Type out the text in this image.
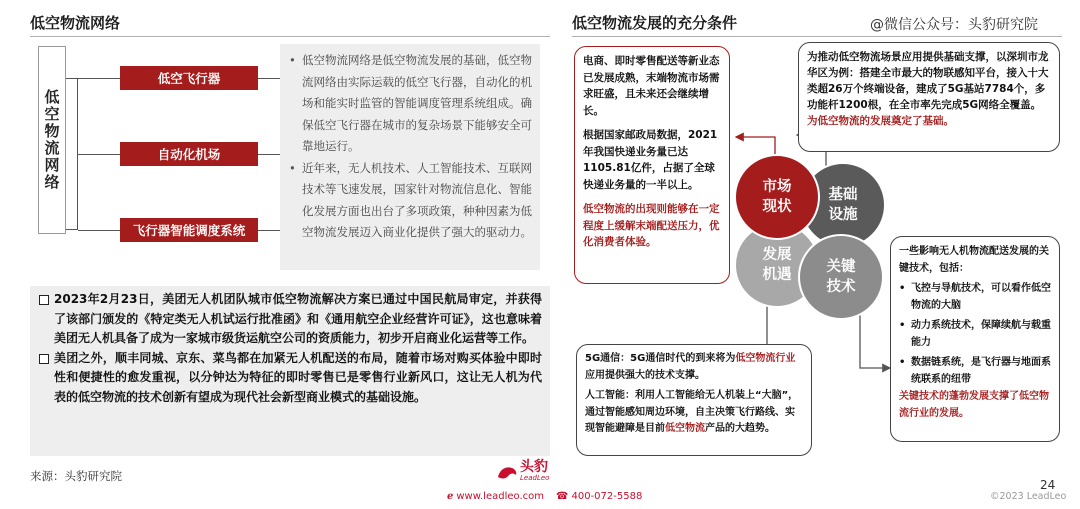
低空物流网络
低空物流网络
低空飞行器
自动化机场
飞行器智能调度系统
• 低空物流网络是低空物流发展的基础，低空物流网络由实际运载的低空飞行器，自动化的机场和能实时监管的智能调度管理系统组成。确保低空飞行器在城市的复杂场景下能够安全可靠地运行。
• 近年来，无人机技术、人工智能技术、互联网技术等飞速发展，国家针对物流信息化、智能化发展方面也出台了多项政策，种种因素为低空物流发展迈入商业化提供了强大的驱动力。
2023年2月23日，美团无人机团队城市低空物流解决方案已通过中国民航局审定，并获得了该部门颁发的《特定类无人机试运行批准函》和《通用航空企业经营许可证》，这也意味着美团无人机具备了成为一家城市级货运航空公司的资质能力，初步开启商业化运营等工作。
美团之外，顺丰同城、京东、菜鸟都在加紧无人机配送的布局，随着市场对购买体验中即时性和便捷性的愈发重视，以分钟达为特征的即时零售已是零售行业新风口，这让无人机为代表的低空物流的技术创新有望成为现代社会新型商业模式的基础设施。
低空物流发展的充分条件	@微信公众号：头豹研究院
电商、即时零售配送等新业态已发展成熟，末端物流市场需求旺盛，且未来还会继续增长。
根据国家邮政局数据，2021年我国快递业务量已达1105.81亿件，占据了全球快递业务量的一半以上。
低空物流的出现则能够在一定程度上缓解末端配送压力，优化消费者体验。
为推动低空物流场景应用提供基础支撑，以深圳市龙华区为例：搭建全市最大的物联感知平台，接入十大类超26万个终端设备，建成了5G基站7784个，多功能杆1200根，在全市率先完成5G网络全覆盖。为低空物流的发展奠定了基础。
市场现状
基础设施
发展机遇 关键技术
5G通信：5G通信时代的到来将为低空物流行业应用提供强大的技术支撑。
人工智能：利用人工智能给无人机装上“大脑”，通过智能感知周边环境，自主决策飞行路线、实现智能避障是目前低空物流产品的大趋势。
一些影响无人机物流配送发展的关键技术，包括：
• 飞控与导航技术，可以看作低空物流的大脑
• 动力系统技术，保障续航与载重能力
• 数据链系统，是飞行器与地面系统联系的纽带
关键技术的蓬勃发展支撑了低空物流行业的发展。
来源：头豹研究院
头豹
LeadLeo
ℯ www.leadleo.com ☎ 400-072-5588
24
©2023 LeadLeo
